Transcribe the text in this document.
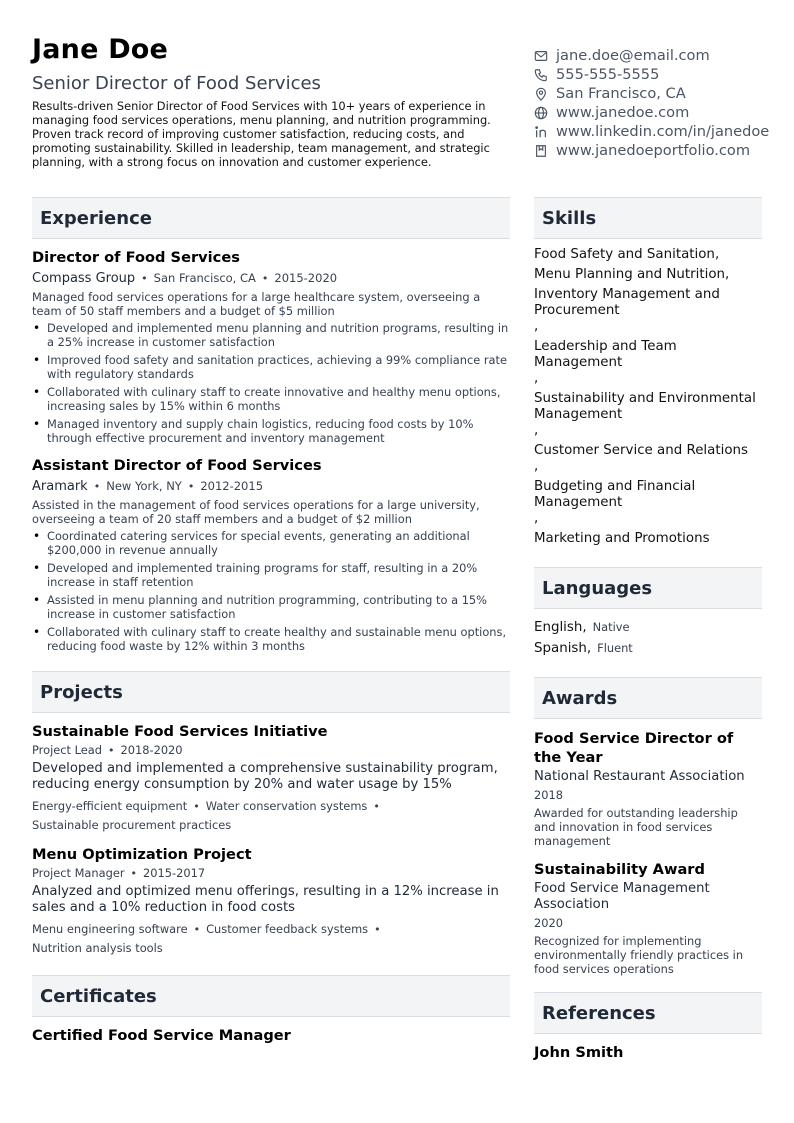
Jane Doe
Senior Director of Food Services
Results-driven Senior Director of Food Services with 10+ years of experience in managing food services operations, menu planning, and nutrition programming. Proven track record of improving customer satisfaction, reducing costs, and promoting sustainability. Skilled in leadership, team management, and strategic planning, with a strong focus on innovation and customer experience.
jane.doe@email.com
555-555-5555
San Francisco, CA
www.janedoe.com
www.linkedin.com/in/janedoe
www.janedoeportfolio.com
Experience
Director of Food Services
Compass Group • San Francisco, CA • 2015-2020
Managed food services operations for a large healthcare system, overseeing a team of 50 staff members and a budget of $5 million
• Developed and implemented menu planning and nutrition programs, resulting in a 25% increase in customer satisfaction
• Improved food safety and sanitation practices, achieving a 99% compliance rate with regulatory standards
• Collaborated with culinary staff to create innovative and healthy menu options, increasing sales by 15% within 6 months
• Managed inventory and supply chain logistics, reducing food costs by 10% through effective procurement and inventory management
Assistant Director of Food Services
Aramark • New York, NY • 2012-2015
Assisted in the management of food services operations for a large university, overseeing a team of 20 staff members and a budget of $2 million
• Coordinated catering services for special events, generating an additional $200,000 in revenue annually
• Developed and implemented training programs for staff, resulting in a 20% increase in staff retention
• Assisted in menu planning and nutrition programming, contributing to a 15% increase in customer satisfaction
• Collaborated with culinary staff to create healthy and sustainable menu options, reducing food waste by 12% within 3 months
Projects
Sustainable Food Services Initiative
Project Lead • 2018-2020
Developed and implemented a comprehensive sustainability program, reducing energy consumption by 20% and water usage by 15%
Energy-efficient equipment • Water conservation systems •
Sustainable procurement practices
Menu Optimization Project
Project Manager • 2015-2017
Analyzed and optimized menu offerings, resulting in a 12% increase in sales and a 10% reduction in food costs
Menu engineering software • Customer feedback systems •
Nutrition analysis tools
Certificates
Certified Food Service Manager
Skills
Food Safety and Sanitation,
Menu Planning and Nutrition,
Inventory Management and Procurement
,
Leadership and Team Management
,
Sustainability and Environmental Management
,
Customer Service and Relations
,
Budgeting and Financial Management
,
Marketing and Promotions
Languages
English, Native
Spanish, Fluent
Awards
Food Service Director of the Year
National Restaurant Association
2018
Awarded for outstanding leadership and innovation in food services management
Sustainability Award
Food Service Management Association
2020
Recognized for implementing environmentally friendly practices in food services operations
References
John Smith
